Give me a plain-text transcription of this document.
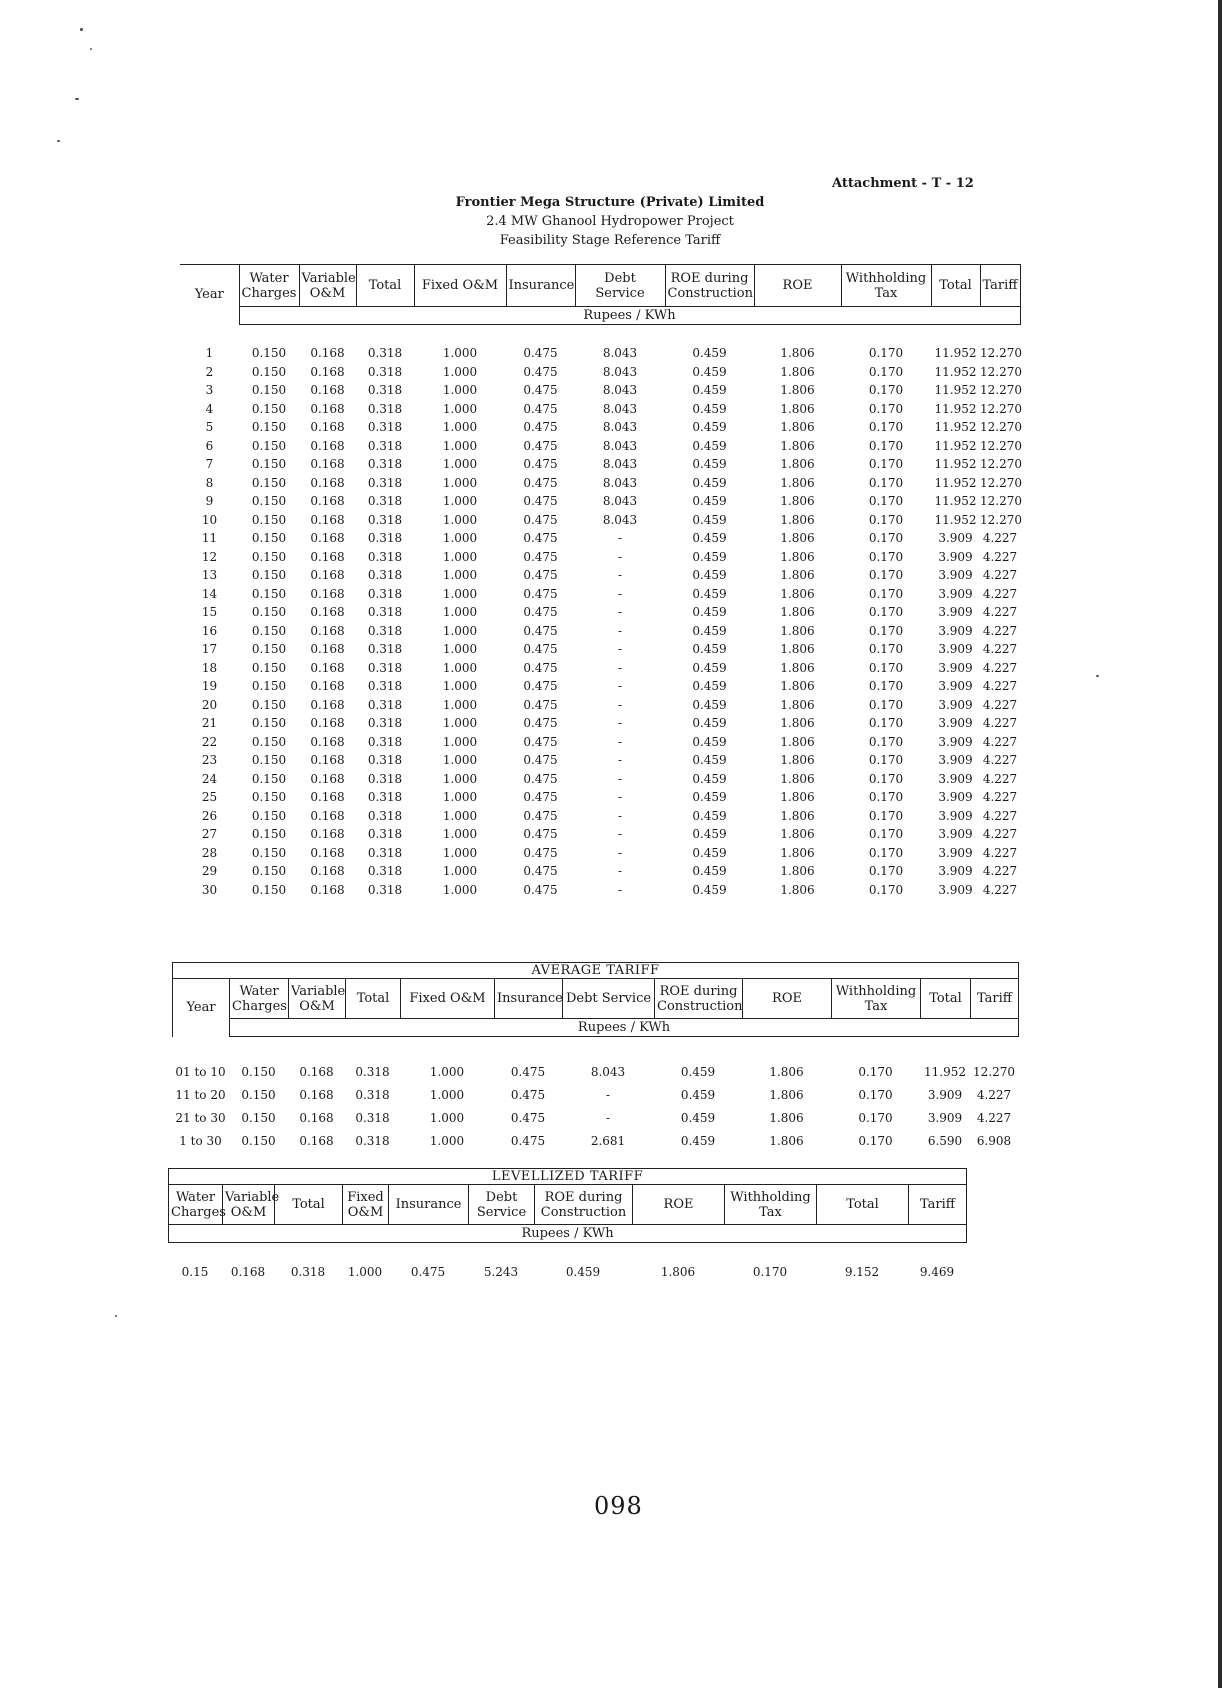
Attachment - T - 12
Frontier Mega Structure (Private) Limited
2.4 MW Ghanool Hydropower Project
Feasibility Stage Reference Tariff
Year	Water Charges	Variable O&M	Total	Fixed O&M	Insurance	Debt Service	ROE during Construction	ROE	Withholding Tax	Total	Tariff
Rupees / KWh
1	0.150	0.168	0.318	1.000	0.475	8.043	0.459	1.806	0.170	11.952	12.270
2	0.150	0.168	0.318	1.000	0.475	8.043	0.459	1.806	0.170	11.952	12.270
3	0.150	0.168	0.318	1.000	0.475	8.043	0.459	1.806	0.170	11.952	12.270
4	0.150	0.168	0.318	1.000	0.475	8.043	0.459	1.806	0.170	11.952	12.270
5	0.150	0.168	0.318	1.000	0.475	8.043	0.459	1.806	0.170	11.952	12.270
6	0.150	0.168	0.318	1.000	0.475	8.043	0.459	1.806	0.170	11.952	12.270
7	0.150	0.168	0.318	1.000	0.475	8.043	0.459	1.806	0.170	11.952	12.270
8	0.150	0.168	0.318	1.000	0.475	8.043	0.459	1.806	0.170	11.952	12.270
9	0.150	0.168	0.318	1.000	0.475	8.043	0.459	1.806	0.170	11.952	12.270
10	0.150	0.168	0.318	1.000	0.475	8.043	0.459	1.806	0.170	11.952	12.270
11	0.150	0.168	0.318	1.000	0.475	-	0.459	1.806	0.170	3.909	4.227
12	0.150	0.168	0.318	1.000	0.475	-	0.459	1.806	0.170	3.909	4.227
13	0.150	0.168	0.318	1.000	0.475	-	0.459	1.806	0.170	3.909	4.227
14	0.150	0.168	0.318	1.000	0.475	-	0.459	1.806	0.170	3.909	4.227
15	0.150	0.168	0.318	1.000	0.475	-	0.459	1.806	0.170	3.909	4.227
16	0.150	0.168	0.318	1.000	0.475	-	0.459	1.806	0.170	3.909	4.227
17	0.150	0.168	0.318	1.000	0.475	-	0.459	1.806	0.170	3.909	4.227
18	0.150	0.168	0.318	1.000	0.475	-	0.459	1.806	0.170	3.909	4.227
19	0.150	0.168	0.318	1.000	0.475	-	0.459	1.806	0.170	3.909	4.227
20	0.150	0.168	0.318	1.000	0.475	-	0.459	1.806	0.170	3.909	4.227
21	0.150	0.168	0.318	1.000	0.475	-	0.459	1.806	0.170	3.909	4.227
22	0.150	0.168	0.318	1.000	0.475	-	0.459	1.806	0.170	3.909	4.227
23	0.150	0.168	0.318	1.000	0.475	-	0.459	1.806	0.170	3.909	4.227
24	0.150	0.168	0.318	1.000	0.475	-	0.459	1.806	0.170	3.909	4.227
25	0.150	0.168	0.318	1.000	0.475	-	0.459	1.806	0.170	3.909	4.227
26	0.150	0.168	0.318	1.000	0.475	-	0.459	1.806	0.170	3.909	4.227
27	0.150	0.168	0.318	1.000	0.475	-	0.459	1.806	0.170	3.909	4.227
28	0.150	0.168	0.318	1.000	0.475	-	0.459	1.806	0.170	3.909	4.227
29	0.150	0.168	0.318	1.000	0.475	-	0.459	1.806	0.170	3.909	4.227
30	0.150	0.168	0.318	1.000	0.475	-	0.459	1.806	0.170	3.909	4.227
AVERAGE TARIFF
Year	Water Charges	Variable O&M	Total	Fixed O&M	Insurance	Debt Service	ROE during Construction	ROE	Withholding Tax	Total	Tariff
Rupees / KWh
01 to 10	0.150	0.168	0.318	1.000	0.475	8.043	0.459	1.806	0.170	11.952	12.270
11 to 20	0.150	0.168	0.318	1.000	0.475	-	0.459	1.806	0.170	3.909	4.227
21 to 30	0.150	0.168	0.318	1.000	0.475	-	0.459	1.806	0.170	3.909	4.227
1 to 30	0.150	0.168	0.318	1.000	0.475	2.681	0.459	1.806	0.170	6.590	6.908
LEVELLIZED TARIFF
Water Charges	Variable O&M	Total	Fixed O&M	Insurance	Debt Service	ROE during Construction	ROE	Withholding Tax	Total	Tariff
Rupees / KWh
0.15	0.168	0.318	1.000	0.475	5.243	0.459	1.806	0.170	9.152	9.469
098
